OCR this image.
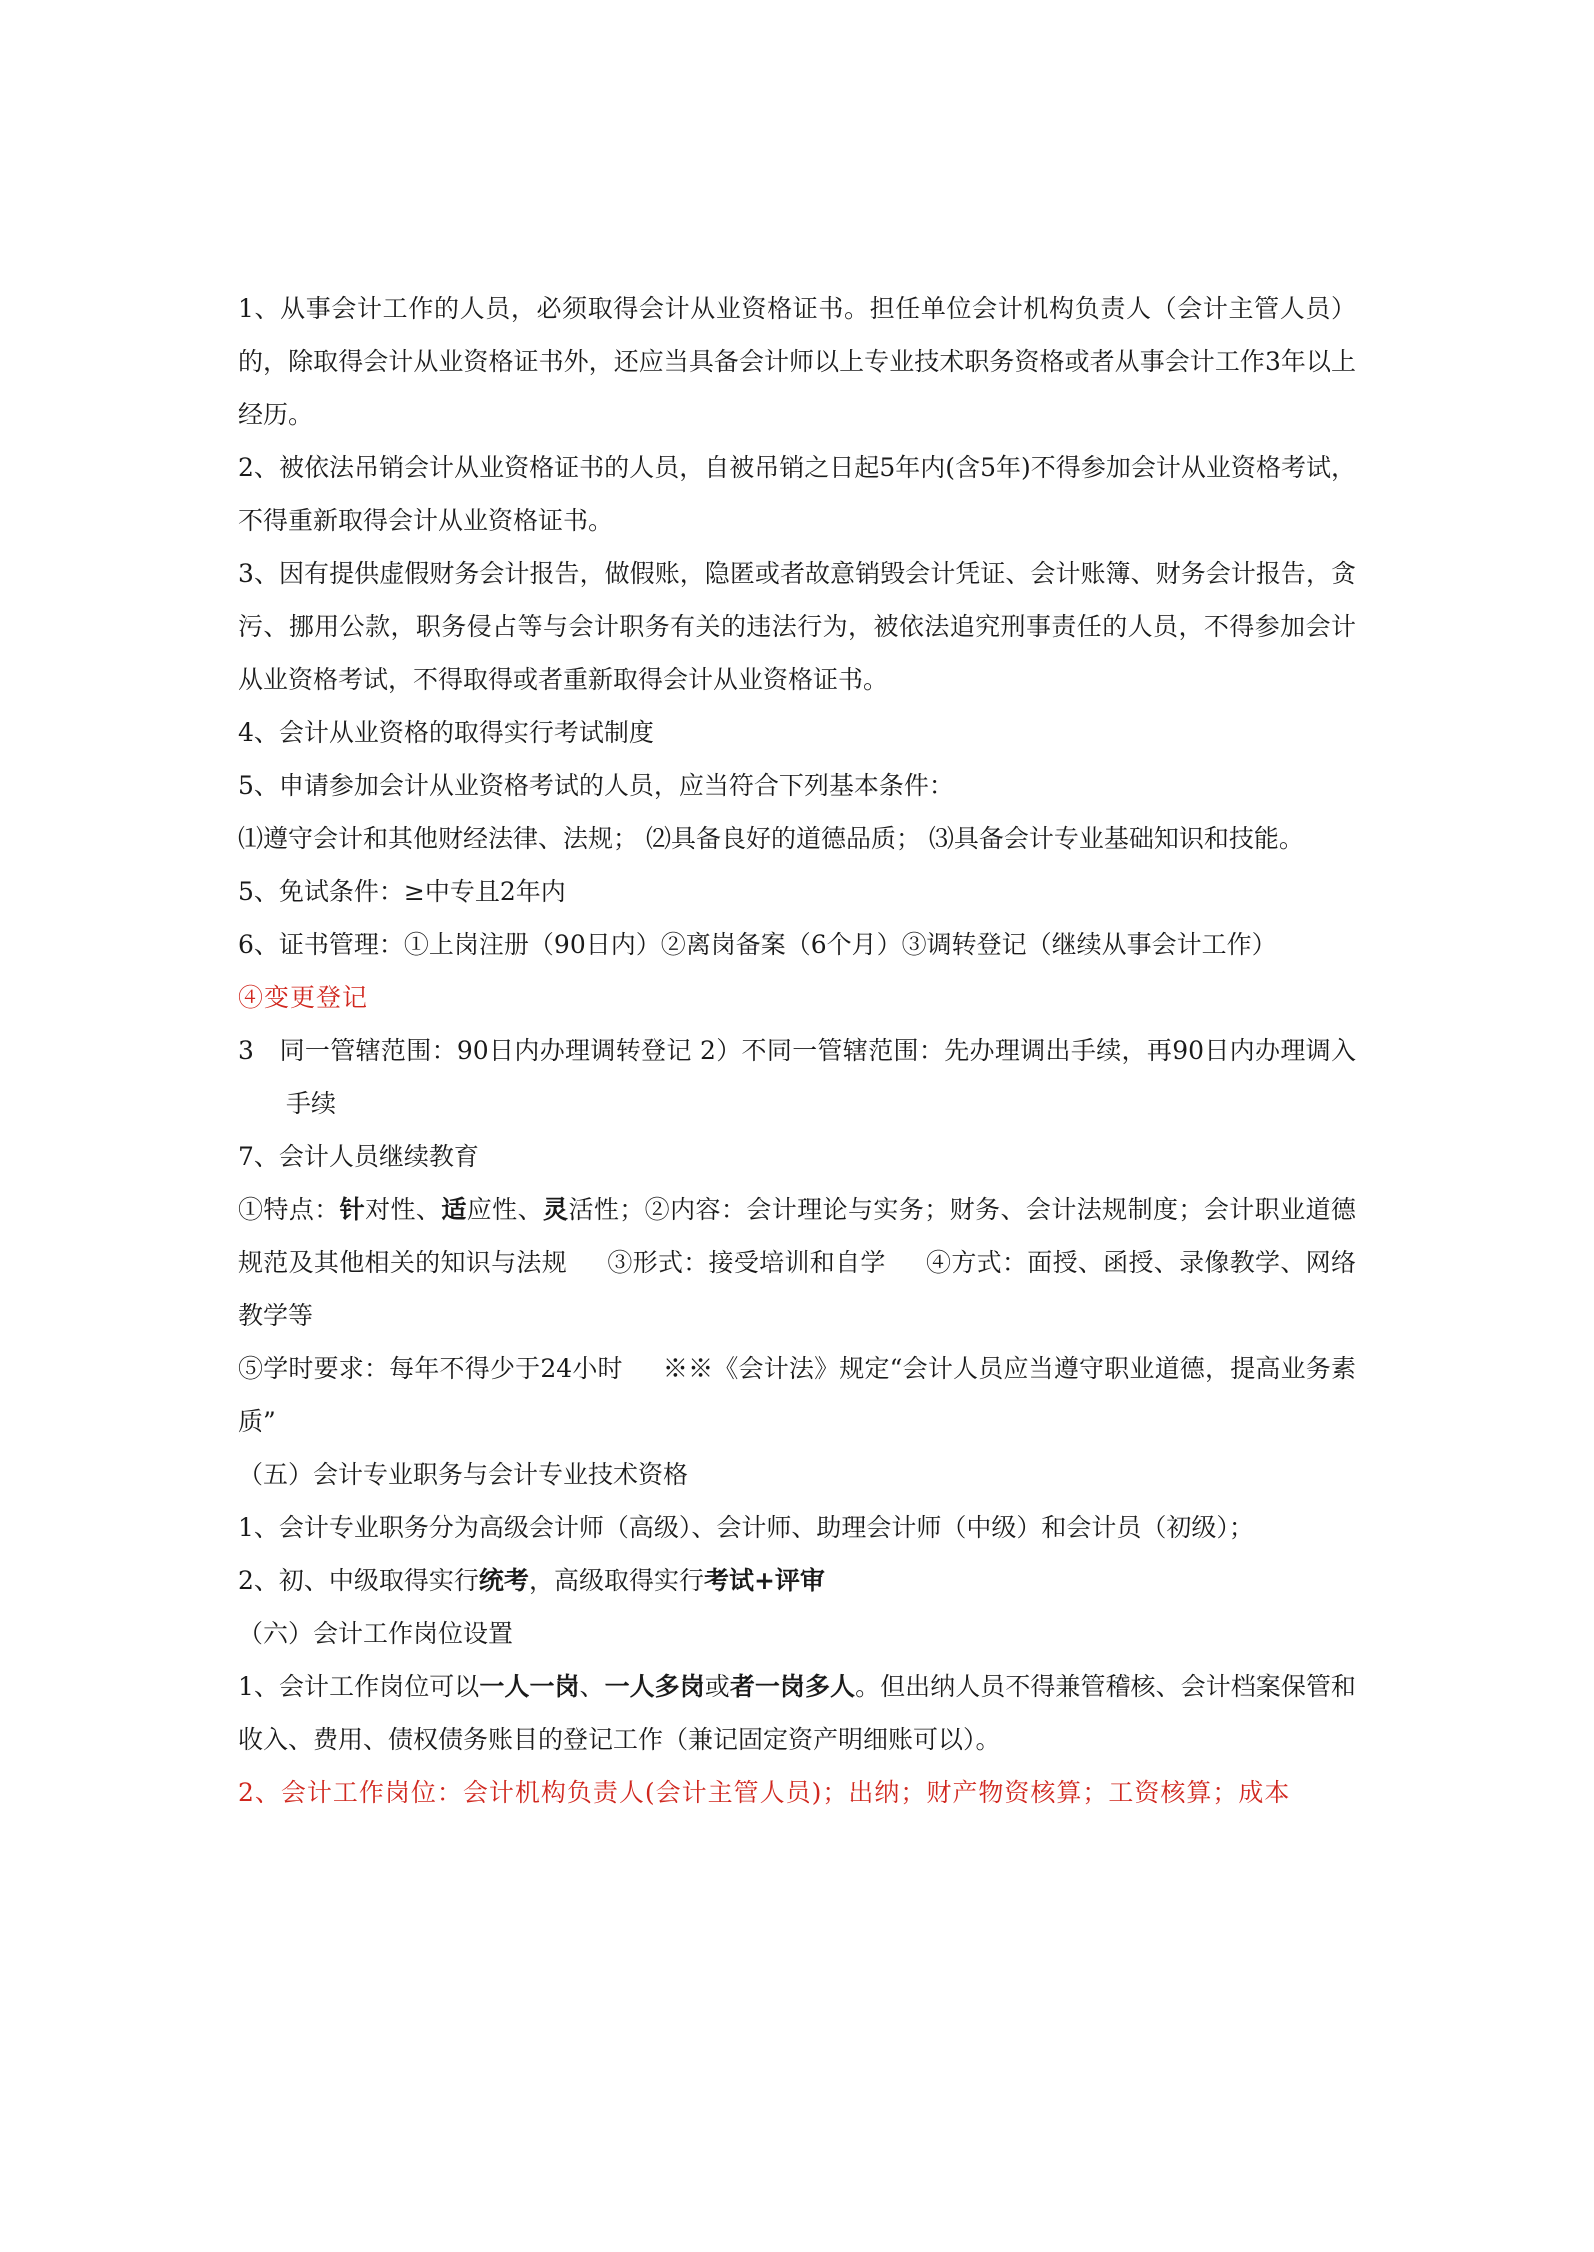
1、从事会计工作的人员，必须取得会计从业资格证书。担任单位会计机构负责人（会计主管人员）的，除取得会计从业资格证书外，还应当具备会计师以上专业技术职务资格或者从事会计工作3年以上经历。

2、被依法吊销会计从业资格证书的人员，自被吊销之日起5年内(含5年)不得参加会计从业资格考试，不得重新取得会计从业资格证书。

3、因有提供虚假财务会计报告，做假账，隐匿或者故意销毁会计凭证、会计账簿、财务会计报告，贪污、挪用公款，职务侵占等与会计职务有关的违法行为，被依法追究刑事责任的人员，不得参加会计从业资格考试，不得取得或者重新取得会计从业资格证书。

4、会计从业资格的取得实行考试制度

5、申请参加会计从业资格考试的人员，应当符合下列基本条件：

⑴遵守会计和其他财经法律、法规； ⑵具备良好的道德品质； ⑶具备会计专业基础知识和技能。

5、免试条件：≥中专且2年内

6、证书管理：①上岗注册（90日内）②离岗备案（6个月）③调转登记（继续从事会计工作）

④变更登记

3　同一管辖范围：90日内办理调转登记 2）不同一管辖范围：先办理调出手续，再90日内办理调入手续

7、会计人员继续教育

①特点：针对性、适应性、灵活性；②内容：会计理论与实务；财务、会计法规制度；会计职业道德规范及其他相关的知识与法规 ③形式：接受培训和自学 ④方式：面授、函授、录像教学、网络教学等

⑤学时要求：每年不得少于24小时 ※※《会计法》规定“会计人员应当遵守职业道德，提高业务素质”

（五）会计专业职务与会计专业技术资格

1、会计专业职务分为高级会计师（高级）、会计师、助理会计师（中级）和会计员（初级）；

2、初、中级取得实行统考，高级取得实行考试+评审

（六）会计工作岗位设置

1、会计工作岗位可以一人一岗、一人多岗或者一岗多人。但出纳人员不得兼管稽核、会计档案保管和收入、费用、债权债务账目的登记工作（兼记固定资产明细账可以）。

2、会计工作岗位：会计机构负责人(会计主管人员)；出纳；财产物资核算；工资核算；成本
